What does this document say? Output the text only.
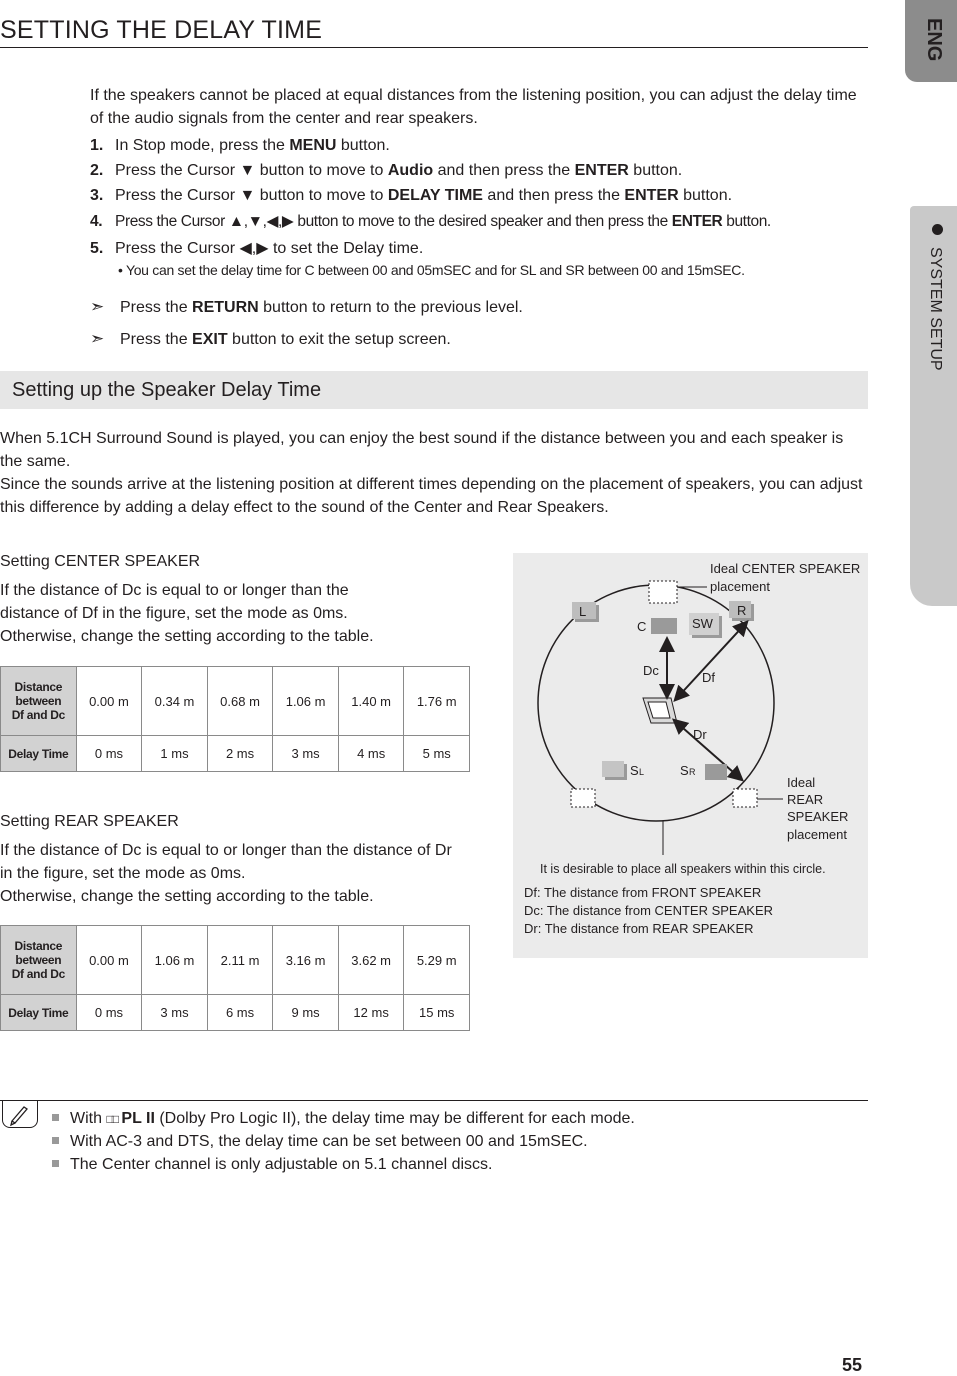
ENG
SYSTEM SETUP
SETTING THE DELAY TIME
If the speakers cannot be placed at equal distances from the listening position, you can adjust the delay time of the audio signals from the center and rear speakers.
1. In Stop mode, press the MENU button.
2. Press the Cursor ▼ button to move to Audio and then press the ENTER button.
3. Press the Cursor ▼ button to move to DELAY TIME and then press the ENTER button.
4. Press the Cursor ▲,▼,◀,▶ button to move to the desired speaker and then press the ENTER button.
5. Press the Cursor ◀,▶ to set the Delay time.
• You can set the delay time for C between 00 and 05mSEC and for SL and SR between 00 and 15mSEC.
➣ Press the RETURN button to return to the previous level.
➣ Press the EXIT button to exit the setup screen.
Setting up the Speaker Delay Time
When 5.1CH Surround Sound is played, you can enjoy the best sound if the distance between you and each speaker is the same.
Since the sounds arrive at the listening position at different times depending on the placement of speakers, you can adjust this difference by adding a delay effect to the sound of the Center and Rear Speakers.
Setting CENTER SPEAKER
If the distance of Dc is equal to or longer than the
distance of Df in the figure, set the mode as 0ms.
Otherwise, change the setting according to the table.
Distance
between
Df and Dc	0.00 m	0.34 m	0.68 m	1.06 m	1.40 m	1.76 m
Delay Time	0 ms	1 ms	2 ms	3 ms	4 ms	5 ms
Setting REAR SPEAKER
If the distance of Dc is equal to or longer than the distance of Dr
in the figure, set the mode as 0ms.
Otherwise, change the setting according to the table.
Distance
between
Df and Dc	0.00 m	1.06 m	2.11 m	3.16 m	3.62 m	5.29 m
Delay Time	0 ms	3 ms	6 ms	9 ms	12 ms	15 ms
Ideal CENTER SPEAKER
placement
L	R
C	SW
Dc	Df
Dr
S L	S R
Ideal
REAR
SPEAKER
placement
It is desirable to place all speakers within this circle.
Df: The distance from FRONT SPEAKER
Dc: The distance from CENTER SPEAKER
Dr: The distance from REAR SPEAKER
With □□ PL II (Dolby Pro Logic II), the delay time may be different for each mode.
With AC-3 and DTS, the delay time can be set between 00 and 15mSEC.
The Center channel is only adjustable on 5.1 channel discs.
55
